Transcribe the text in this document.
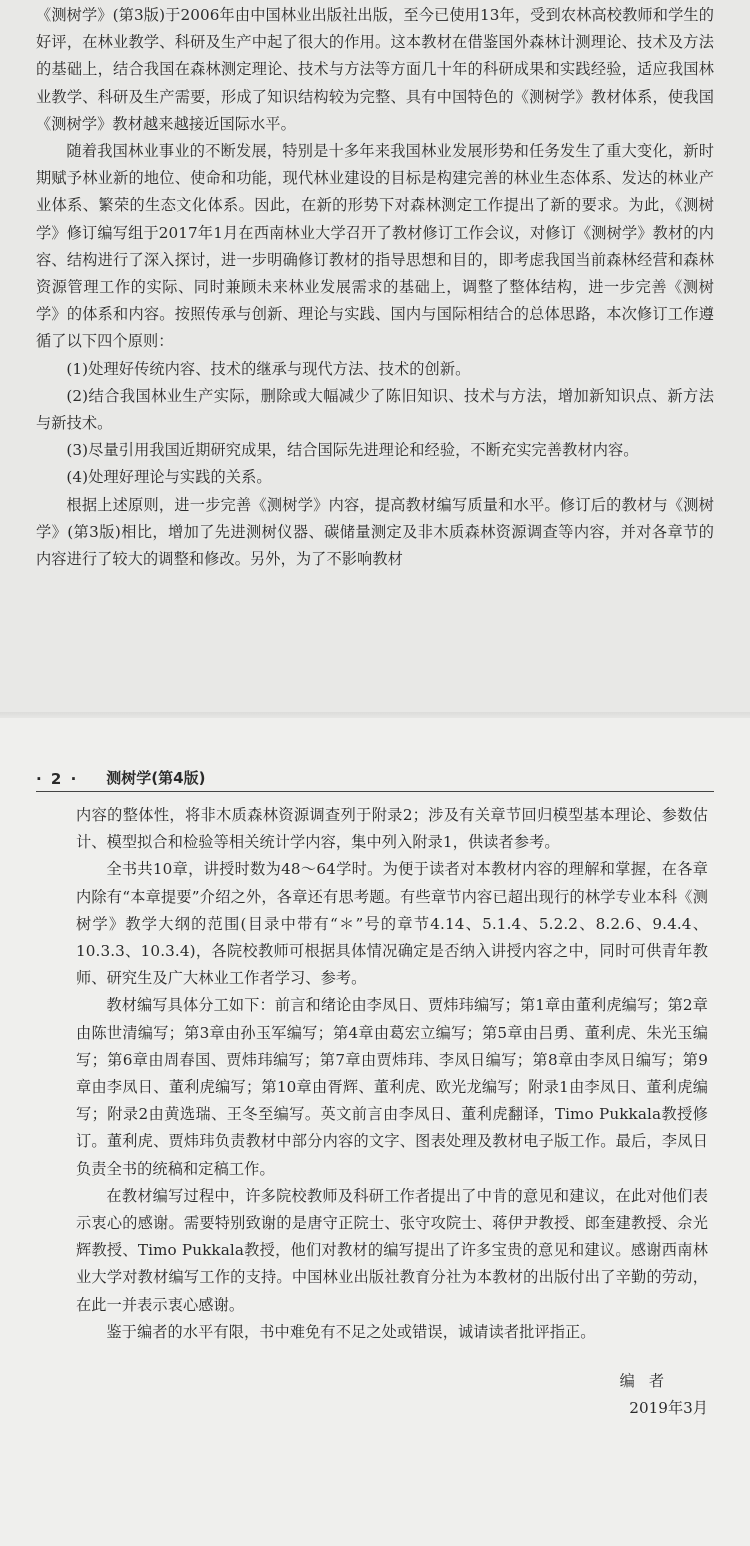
《测树学》(第3版)于2006年由中国林业出版社出版，至今已使用13年，受到农林高校教师和学生的好评，在林业教学、科研及生产中起了很大的作用。这本教材在借鉴国外森林计测理论、技术及方法的基础上，结合我国在森林测定理论、技术与方法等方面几十年的科研成果和实践经验，适应我国林业教学、科研及生产需要，形成了知识结构较为完整、具有中国特色的《测树学》教材体系，使我国《测树学》教材越来越接近国际水平。

随着我国林业事业的不断发展，特别是十多年来我国林业发展形势和任务发生了重大变化，新时期赋予林业新的地位、使命和功能，现代林业建设的目标是构建完善的林业生态体系、发达的林业产业体系、繁荣的生态文化体系。因此，在新的形势下对森林测定工作提出了新的要求。为此，《测树学》修订编写组于2017年1月在西南林业大学召开了教材修订工作会议，对修订《测树学》教材的内容、结构进行了深入探讨，进一步明确修订教材的指导思想和目的，即考虑我国当前森林经营和森林资源管理工作的实际、同时兼顾未来林业发展需求的基础上，调整了整体结构，进一步完善《测树学》的体系和内容。按照传承与创新、理论与实践、国内与国际相结合的总体思路，本次修订工作遵循了以下四个原则：

(1)处理好传统内容、技术的继承与现代方法、技术的创新。

(2)结合我国林业生产实际，删除或大幅减少了陈旧知识、技术与方法，增加新知识点、新方法与新技术。

(3)尽量引用我国近期研究成果，结合国际先进理论和经验，不断充实完善教材内容。

(4)处理好理论与实践的关系。

根据上述原则，进一步完善《测树学》内容，提高教材编写质量和水平。修订后的教材与《测树学》(第3版)相比，增加了先进测树仪器、碳储量测定及非木质森林资源调查等内容，并对各章节的内容进行了较大的调整和修改。另外，为了不影响教材

· 2 · 测树学(第4版)

内容的整体性，将非木质森林资源调查列于附录2；涉及有关章节回归模型基本理论、参数估计、模型拟合和检验等相关统计学内容，集中列入附录1，供读者参考。

全书共10章，讲授时数为48～64学时。为便于读者对本教材内容的理解和掌握，在各章内除有“本章提要”介绍之外，各章还有思考题。有些章节内容已超出现行的林学专业本科《测树学》教学大纲的范围(目录中带有“＊”号的章节4.14、5.1.4、5.2.2、8.2.6、9.4.4、10.3.3、10.3.4)，各院校教师可根据具体情况确定是否纳入讲授内容之中，同时可供青年教师、研究生及广大林业工作者学习、参考。

教材编写具体分工如下：前言和绪论由李凤日、贾炜玮编写；第1章由董利虎编写；第2章由陈世清编写；第3章由孙玉军编写；第4章由葛宏立编写；第5章由吕勇、董利虎、朱光玉编写；第6章由周春国、贾炜玮编写；第7章由贾炜玮、李凤日编写；第8章由李凤日编写；第9章由李凤日、董利虎编写；第10章由胥辉、董利虎、欧光龙编写；附录1由李凤日、董利虎编写；附录2由黄选瑞、王冬至编写。英文前言由李凤日、董利虎翻译，Timo Pukkala教授修订。董利虎、贾炜玮负责教材中部分内容的文字、图表处理及教材电子版工作。最后，李凤日负责全书的统稿和定稿工作。

在教材编写过程中，许多院校教师及科研工作者提出了中肯的意见和建议，在此对他们表示衷心的感谢。需要特别致谢的是唐守正院士、张守攻院士、蒋伊尹教授、郎奎建教授、佘光辉教授、Timo Pukkala教授，他们对教材的编写提出了许多宝贵的意见和建议。感谢西南林业大学对教材编写工作的支持。中国林业出版社教育分社为本教材的出版付出了辛勤的劳动，在此一并表示衷心感谢。

鉴于编者的水平有限，书中难免有不足之处或错误，诚请读者批评指正。

编者
2019年3月
